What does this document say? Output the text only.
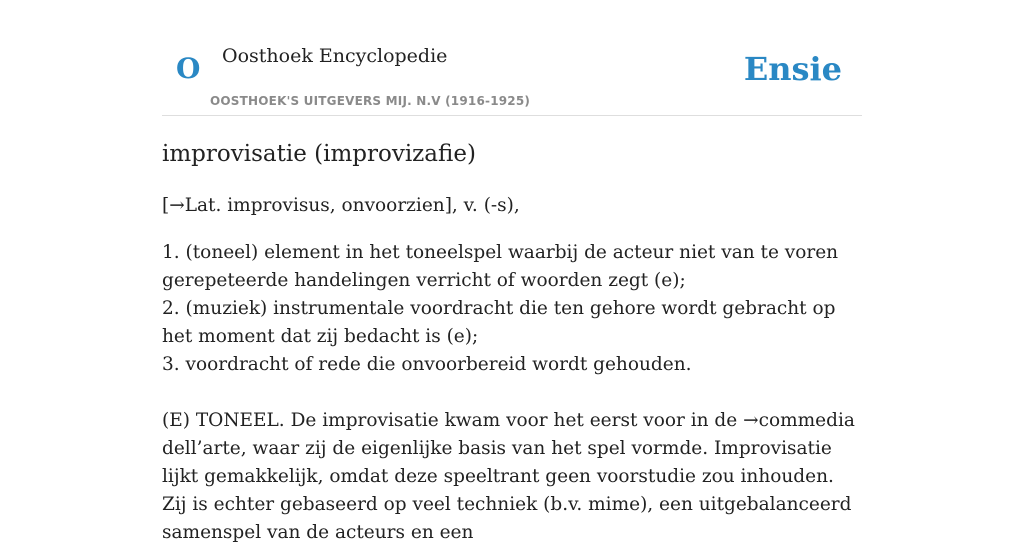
O Oosthoek Encyclopedie
OOSTHOEK'S UITGEVERS MIJ. N.V (1916-1925)
Ensie
improvisatie (improvizafie)

[→Lat. improvisus, onvoorzien], v. (-s),

1. (toneel) element in het toneelspel waarbij de acteur niet van te voren gerepeteerde handelingen verricht of woorden zegt (e);
2. (muziek) instrumentale voordracht die ten gehore wordt gebracht op het moment dat zij bedacht is (e);
3. voordracht of rede die onvoorbereid wordt gehouden.

(E) TONEEL. De improvisatie kwam voor het eerst voor in de →commedia dell’arte, waar zij de eigenlijke basis van het spel vormde. Improvisatie lijkt gemakkelijk, omdat deze speeltrant geen voorstudie zou inhouden. Zij is echter gebaseerd op veel techniek (b.v. mime), een uitgebalanceerd samenspel van de acteurs en een
